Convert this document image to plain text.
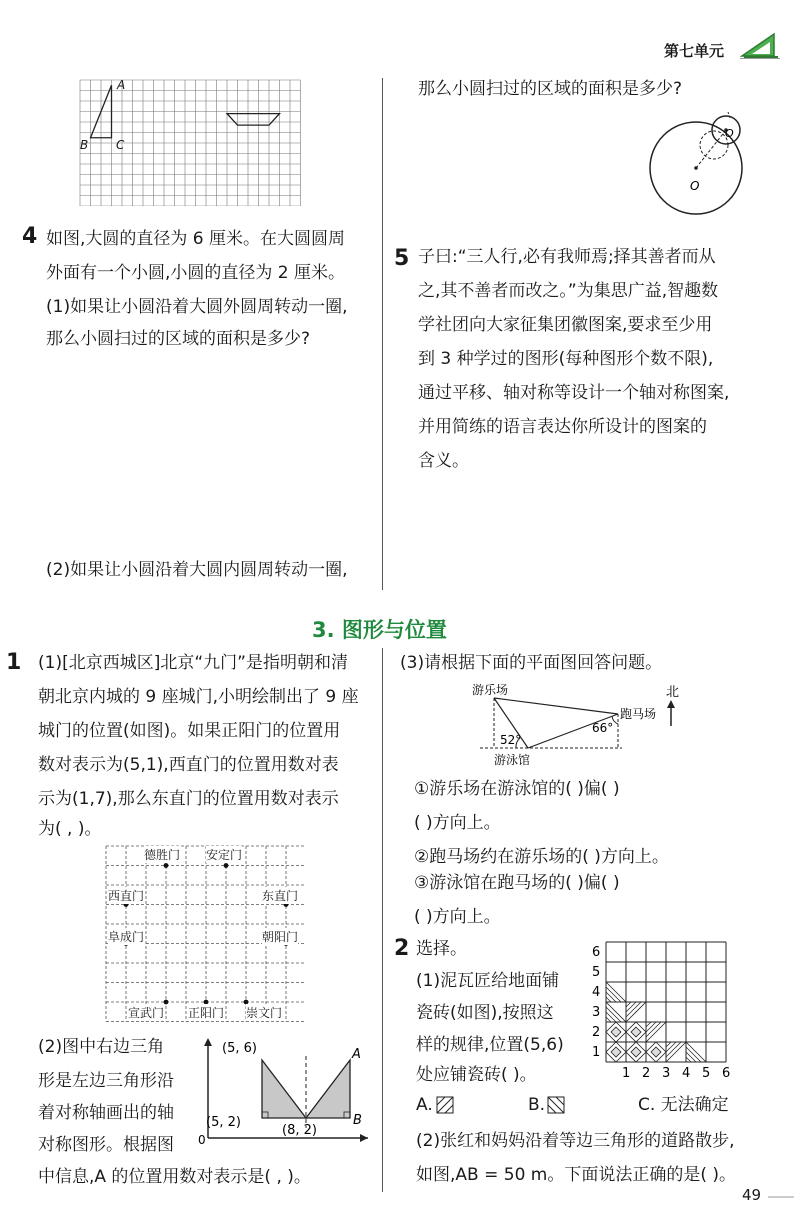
第七单元
A
B C
4 如图,大圆的直径为 6 厘米。在大圆圆周
外面有一个小圆,小圆的直径为 2 厘米。
(1)如果让小圆沿着大圆外圆周转动一圈,
那么小圆扫过的区域的面积是多少?
(2)如果让小圆沿着大圆内圆周转动一圈,
那么小圆扫过的区域的面积是多少?
O
O
5 子曰:“三人行,必有我师焉;择其善者而从
之,其不善者而改之。”为集思广益,智趣数
学社团向大家征集团徽图案,要求至少用
到 3 种学过的图形(每种图形个数不限),
通过平移、轴对称等设计一个轴对称图案,
并用简练的语言表达你所设计的图案的
含义。
3. 图形与位置
1 (1)[北京西城区]北京“九门”是指明朝和清
朝北京内城的 9 座城门,小明绘制出了 9 座
城门的位置(如图)。如果正阳门的位置用
数对表示为(5,1),西直门的位置用数对表
示为(1,7),那么东直门的位置用数对表示
为( , )。
德胜门 安定门
西直门	东直门
阜成门	朝阳门
宣武门 正阳门 崇文门
(2)图中右边三角
形是左边三角形沿
着对称轴画出的轴
对称图形。根据图
中信息,A 的位置用数对表示是( , )。
(5, 6)
(5, 2)
(8, 2)
A
B
0
(3)请根据下面的平面图回答问题。
游乐场
跑马场
游泳馆
北
52°
66°
①游乐场在游泳馆的( )偏( )
( )方向上。
②跑马场约在游乐场的( )方向上。
③游泳馆在跑马场的( )偏( )
( )方向上。
2 选择。
(1)泥瓦匠给地面铺
瓷砖(如图),按照这
样的规律,位置(5,6)
处应铺瓷砖( )。
A.	B.	C. 无法确定
1 2 3 4 5 6
1
2
3
4
5
6
(2)张红和妈妈沿着等边三角形的道路散步,
如图,AB = 50 m。下面说法正确的是( )。
49
